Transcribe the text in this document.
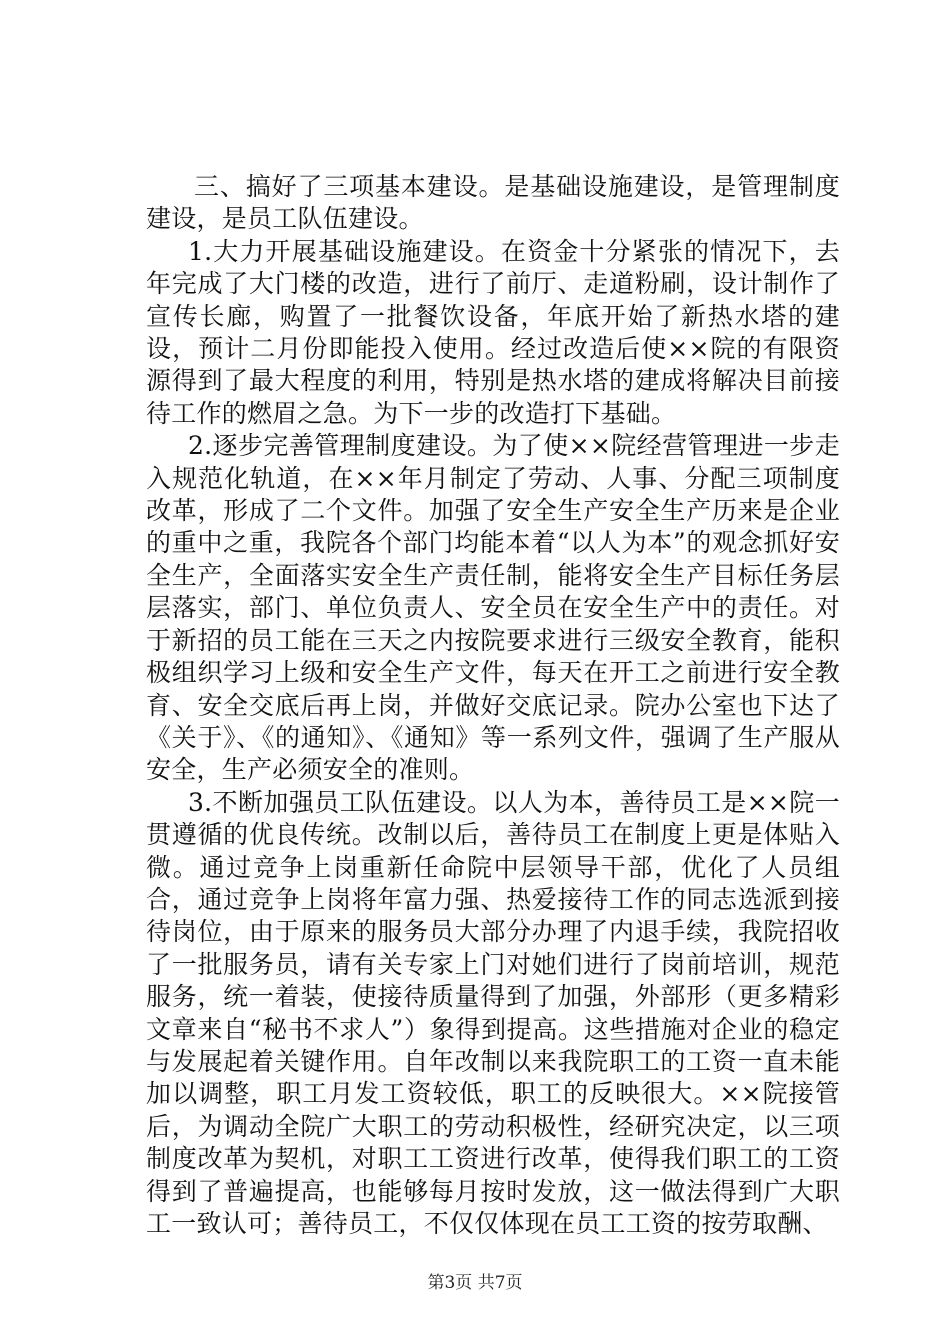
三、搞好了三项基本建设。是基础设施建设，是管理制度建设，是员工队伍建设。

1.大力开展基础设施建设。在资金十分紧张的情况下，去年完成了大门楼的改造，进行了前厅、走道粉刷，设计制作了宣传长廊，购置了一批餐饮设备，年底开始了新热水塔的建设，预计二月份即能投入使用。经过改造后使××院的有限资源得到了最大程度的利用，特别是热水塔的建成将解决目前接待工作的燃眉之急。为下一步的改造打下基础。

2.逐步完善管理制度建设。为了使××院经营管理进一步走入规范化轨道，在××年月制定了劳动、人事、分配三项制度改革，形成了二个文件。加强了安全生产安全生产历来是企业的重中之重，我院各个部门均能本着“以人为本”的观念抓好安全生产，全面落实安全生产责任制，能将安全生产目标任务层层落实，部门、单位负责人、安全员在安全生产中的责任。对于新招的员工能在三天之内按院要求进行三级安全教育，能积极组织学习上级和安全生产文件，每天在开工之前进行安全教育、安全交底后再上岗，并做好交底记录。院办公室也下达了《关于》、《的通知》、《通知》等一系列文件，强调了生产服从安全，生产必须安全的准则。

3.不断加强员工队伍建设。以人为本，善待员工是××院一贯遵循的优良传统。改制以后，善待员工在制度上更是体贴入微。通过竞争上岗重新任命院中层领导干部，优化了人员组合，通过竞争上岗将年富力强、热爱接待工作的同志选派到接待岗位，由于原来的服务员大部分办理了内退手续，我院招收了一批服务员，请有关专家上门对她们进行了岗前培训，规范服务，统一着装，使接待质量得到了加强，外部形（更多精彩文章来自“秘书不求人”）象得到提高。这些措施对企业的稳定与发展起着关键作用。自年改制以来我院职工的工资一直未能加以调整，职工月发工资较低，职工的反映很大。××院接管后，为调动全院广大职工的劳动积极性，经研究决定，以三项制度改革为契机，对职工工资进行改革，使得我们职工的工资得到了普遍提高，也能够每月按时发放，这一做法得到广大职工一致认可；善待员工，不仅仅体现在员工工资的按劳取酬、

第3页 共7页
